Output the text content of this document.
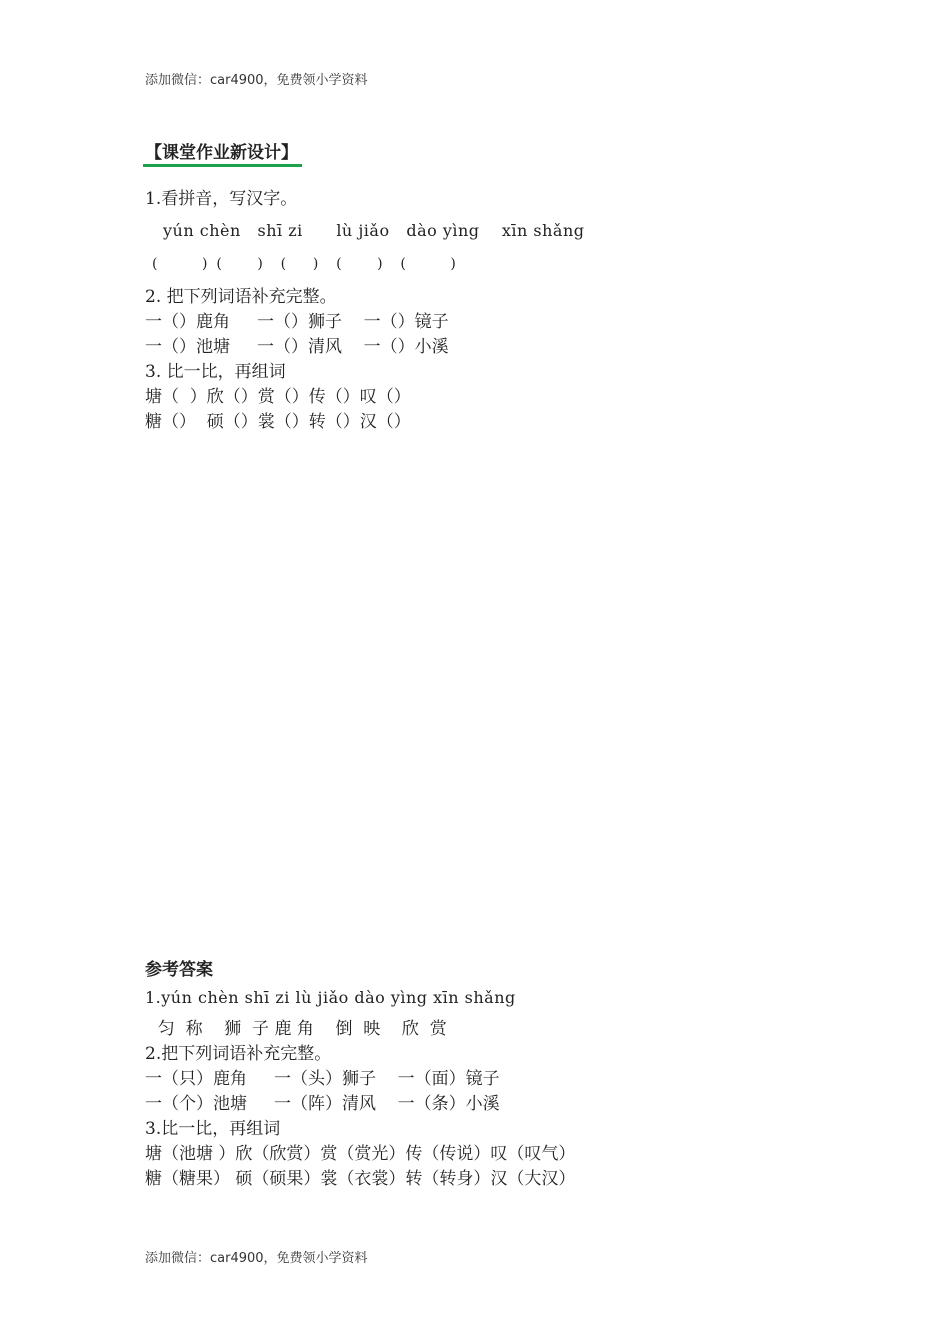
添加微信：car4900，免费领小学资料
【课堂作业新设计】
1.看拼音，写汉字。
yún chèn   shī zi      lù jiǎo   dào yìng    xīn shǎng
(          )  (        )    (      )    (        )    (          )
2. 把下列词语补充完整。
一（）鹿角     一（）狮子    一（）镜子
一（）池塘     一（）清风    一（）小溪
3. 比一比，再组词
塘（  ）欣（）赏（）传（）叹（）
糖（）  硕（）裳（）转（）汉（）
参考答案
1.yún chèn shī zi lù jiǎo dào yìng xīn shǎng
匀  称    狮  子 鹿 角    倒  映    欣  赏
2.把下列词语补充完整。
一（只）鹿角     一（头）狮子    一（面）镜子
一（个）池塘     一（阵）清风    一（条）小溪
3.比一比，再组词
塘（池塘 ）欣（欣赏）赏（赏光）传（传说）叹（叹气）
糖（糖果） 硕（硕果）裳（衣裳）转（转身）汉（大汉）
添加微信：car4900，免费领小学资料
